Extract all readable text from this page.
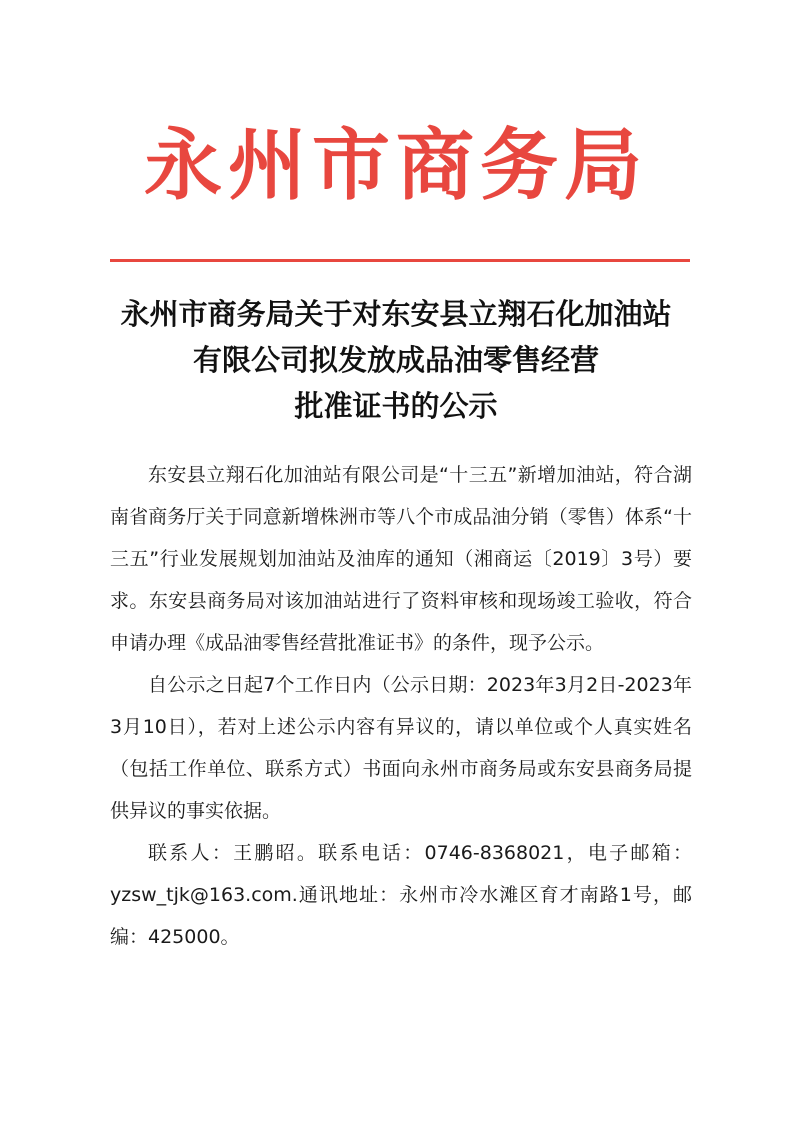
永州市商务局
永州市商务局关于对东安县立翔石化加油站
有限公司拟发放成品油零售经营
批准证书的公示

东安县立翔石化加油站有限公司是“十三五”新增加油站，符合湖南省商务厅关于同意新增株洲市等八个市成品油分销（零售）体系“十三五”行业发展规划加油站及油库的通知（湘商运〔2019〕3号）要求。东安县商务局对该加油站进行了资料审核和现场竣工验收，符合申请办理《成品油零售经营批准证书》的条件，现予公示。

自公示之日起7个工作日内（公示日期：2023年3月2日-2023年3月10日），若对上述公示内容有异议的，请以单位或个人真实姓名（包括工作单位、联系方式）书面向永州市商务局或东安县商务局提供异议的事实依据。

联系人：王鹏昭。联系电话：0746-8368021，电子邮箱：yzsw_tjk@163.com.通讯地址：永州市冷水滩区育才南路1号，邮编：425000。
